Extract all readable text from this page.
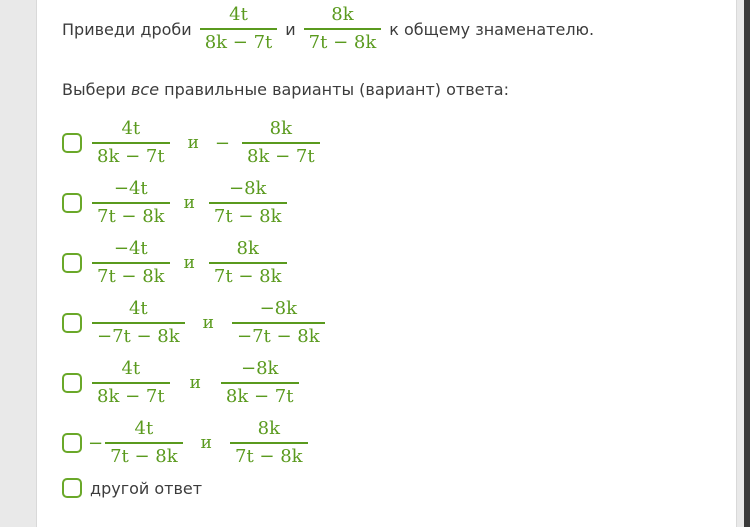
Приведи дроби $\frac{4t}{8k - 7t}$ и $\frac{8k}{7t - 8k}$ к общему знаменателю.
Выбери все правильные варианты (вариант) ответа:
$\frac{4t}{8k - 7t}$ $и - \frac{8k}{8k - 7t}$
$\frac{-4t}{7t - 8k}$ и $\frac{-8k}{7t - 8k}$
$\frac{-4t}{7t - 8k}$ и $\frac{8k}{7t - 8k}$
$\frac{4t}{-7t - 8k}$ и $\frac{-8k}{-7t - 8k}$
$\frac{4t}{8k - 7t}$ и $\frac{-8k}{8k - 7t}$
− $\frac{4t}{7t - 8k}$ и $\frac{8k}{7t - 8k}$
другой ответ
